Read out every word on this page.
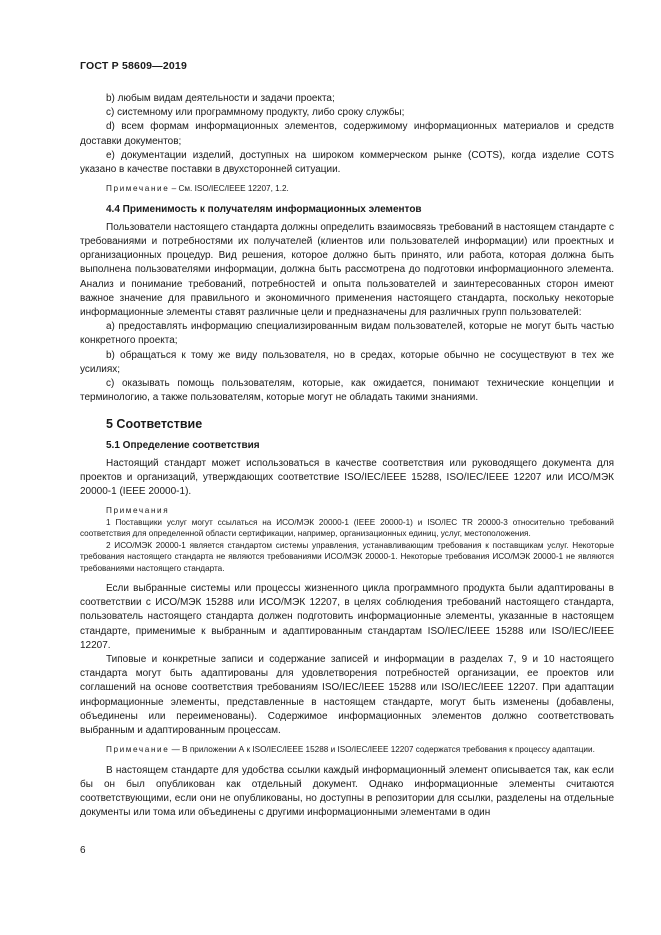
ГОСТ Р 58609—2019

b) любым видам деятельности и задачи проекта;

c) системному или программному продукту, либо сроку службы;

d) всем формам информационных элементов, содержимому информационных материалов и средств доставки документов;

e) документации изделий, доступных на широком коммерческом рынке (COTS), когда изделие COTS указано в качестве поставки в двухсторонней ситуации.

Примечание – См. ISO/IEC/IEEE 12207, 1.2.

4.4 Применимость к получателям информационных элементов

Пользователи настоящего стандарта должны определить взаимосвязь требований в настоящем стандарте с требованиями и потребностями их получателей (клиентов или пользователей информации) или проектных и организационных процедур. Вид решения, которое должно быть принято, или работа, которая должна быть выполнена пользователями информации, должна быть рассмотрена до подготовки информационного элемента. Анализ и понимание требований, потребностей и опыта пользователей и заинтересованных сторон имеют важное значение для правильного и экономичного применения настоящего стандарта, поскольку некоторые информационные элементы ставят различные цели и предназначены для различных групп пользователей:

a) предоставлять информацию специализированным видам пользователей, которые не могут быть частью конкретного проекта;

b) обращаться к тому же виду пользователя, но в средах, которые обычно не сосуществуют в тех же усилиях;

c) оказывать помощь пользователям, которые, как ожидается, понимают технические концепции и терминологию, а также пользователям, которые могут не обладать такими знаниями.

5 Соответствие

5.1 Определение соответствия

Настоящий стандарт может использоваться в качестве соответствия или руководящего документа для проектов и организаций, утверждающих соответствие ISO/IEC/IEEE 15288, ISO/IEC/IEEE 12207 или ИСО/МЭК 20000-1 (IEEE 20000-1).

Примечания

1 Поставщики услуг могут ссылаться на ИСО/МЭК 20000-1 (IEEE 20000-1) и ISO/IEC TR 20000-3 относительно требований соответствия для определенной области сертификации, например, организационных единиц, услуг, местоположения.

2 ИСО/МЭК 20000-1 является стандартом системы управления, устанавливающим требования к поставщикам услуг. Некоторые требования настоящего стандарта не являются требованиями ИСО/МЭК 20000-1. Некоторые требования ИСО/МЭК 20000-1 не являются требованиями настоящего стандарта.

Если выбранные системы или процессы жизненного цикла программного продукта были адаптированы в соответствии с ИСО/МЭК 15288 или ИСО/МЭК 12207, в целях соблюдения требований настоящего стандарта, пользователь настоящего стандарта должен подготовить информационные элементы, указанные в настоящем стандарте, применимые к выбранным и адаптированным стандартам ISO/IEC/IEEE 15288 или ISO/IEC/IEEE 12207.

Типовые и конкретные записи и содержание записей и информации в разделах 7, 9 и 10 настоящего стандарта могут быть адаптированы для удовлетворения потребностей организации, ее проектов или соглашений на основе соответствия требованиям ISO/IEC/IEEE 15288 или ISO/IEC/IEEE 12207. При адаптации информационные элементы, представленные в настоящем стандарте, могут быть изменены (добавлены, объединены или переименованы). Содержимое информационных элементов должно соответствовать выбранным и адаптированным процессам.

Примечание — В приложении А к ISO/IEC/IEEE 15288 и ISO/IEC/IEEE 12207 содержатся требования к процессу адаптации.

В настоящем стандарте для удобства ссылки каждый информационный элемент описывается так, как если бы он был опубликован как отдельный документ. Однако информационные элементы считаются соответствующими, если они не опубликованы, но доступны в репозитории для ссылки, разделены на отдельные документы или тома или объединены с другими информационными элементами в один

6
